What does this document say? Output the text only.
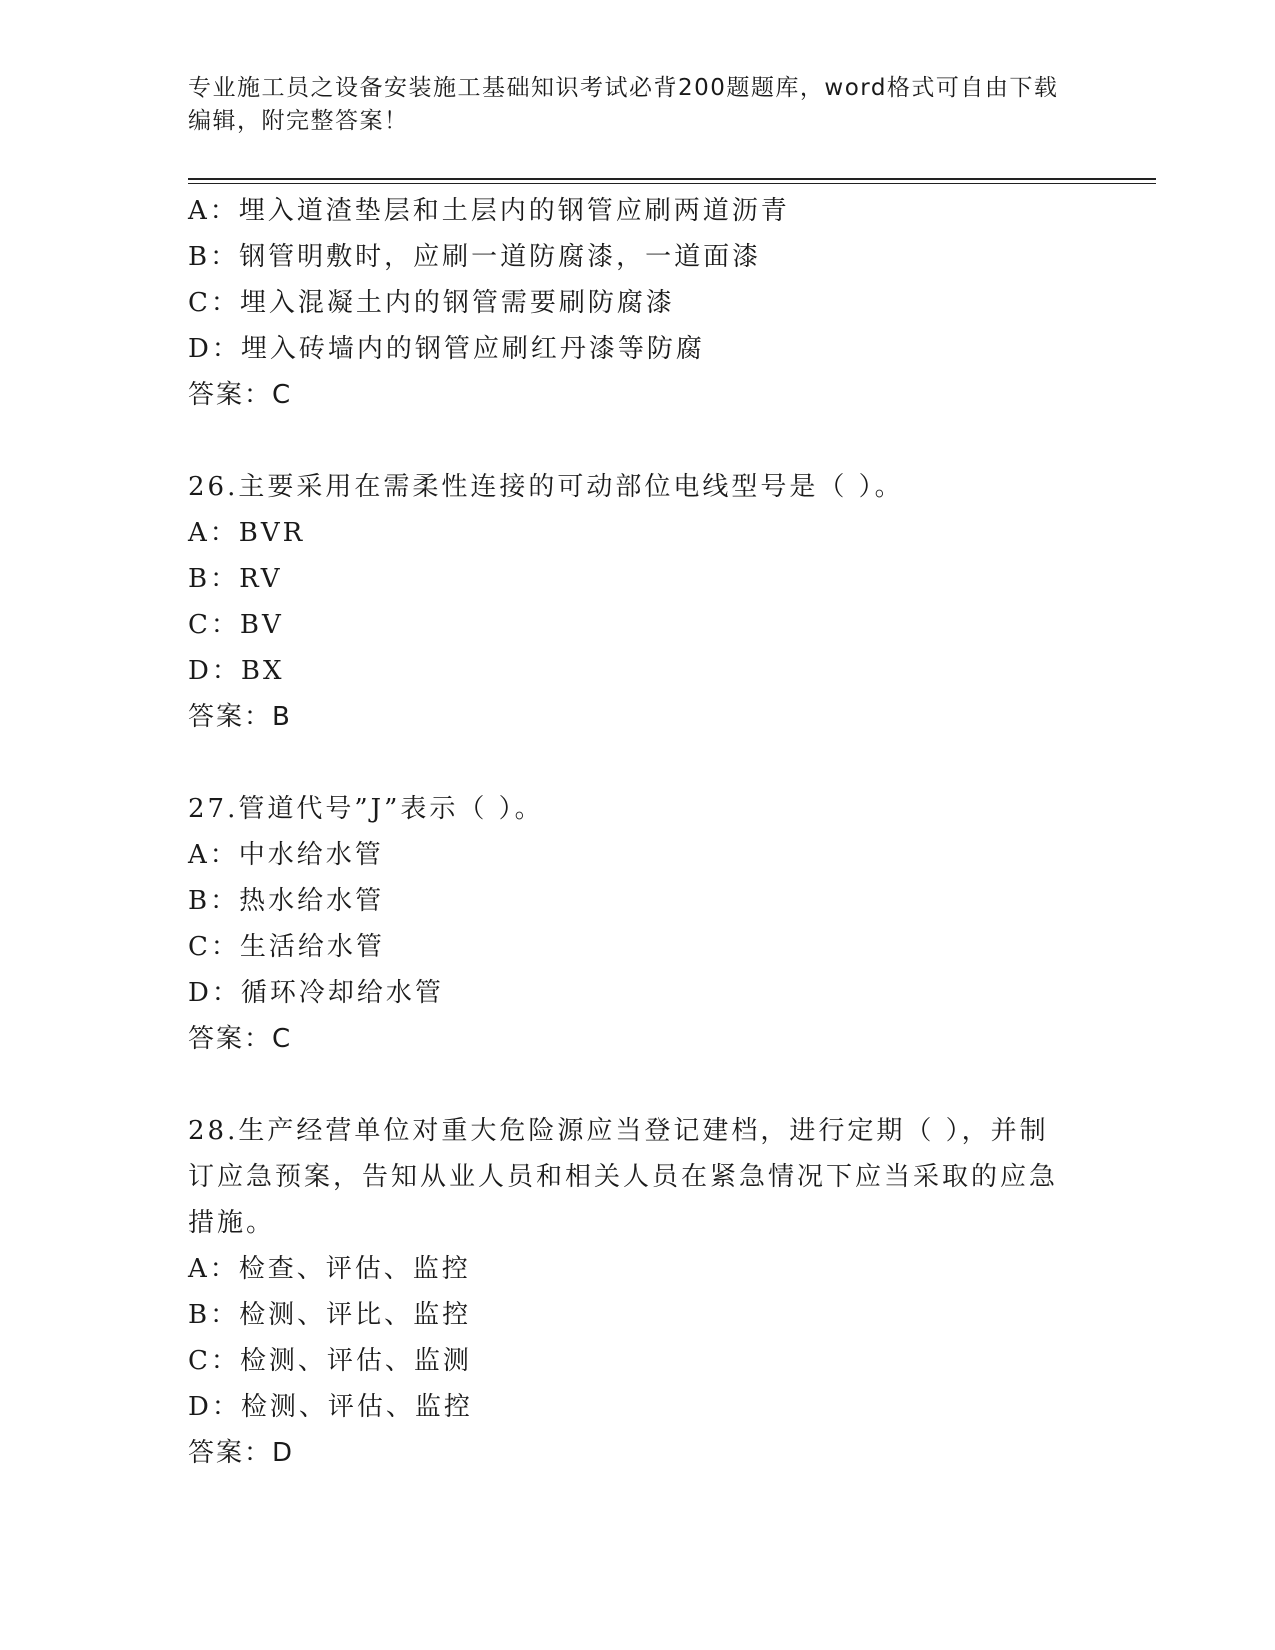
专业施工员之设备安装施工基础知识考试必背200题题库，word格式可自由下载编辑，附完整答案！
A：埋入道渣垫层和土层内的钢管应刷两道沥青
B：钢管明敷时，应刷一道防腐漆，一道面漆
C：埋入混凝土内的钢管需要刷防腐漆
D：埋入砖墙内的钢管应刷红丹漆等防腐
答案：C
26.主要采用在需柔性连接的可动部位电线型号是（ ）。
A：BVR
B：RV
C：BV
D：BX
答案：B
27.管道代号”J”表示（ ）。
A：中水给水管
B：热水给水管
C：生活给水管
D：循环冷却给水管
答案：C
28.生产经营单位对重大危险源应当登记建档，进行定期（ ），并制订应急预案，告知从业人员和相关人员在紧急情况下应当采取的应急措施。
A：检查、评估、监控
B：检测、评比、监控
C：检测、评估、监测
D：检测、评估、监控
答案：D
